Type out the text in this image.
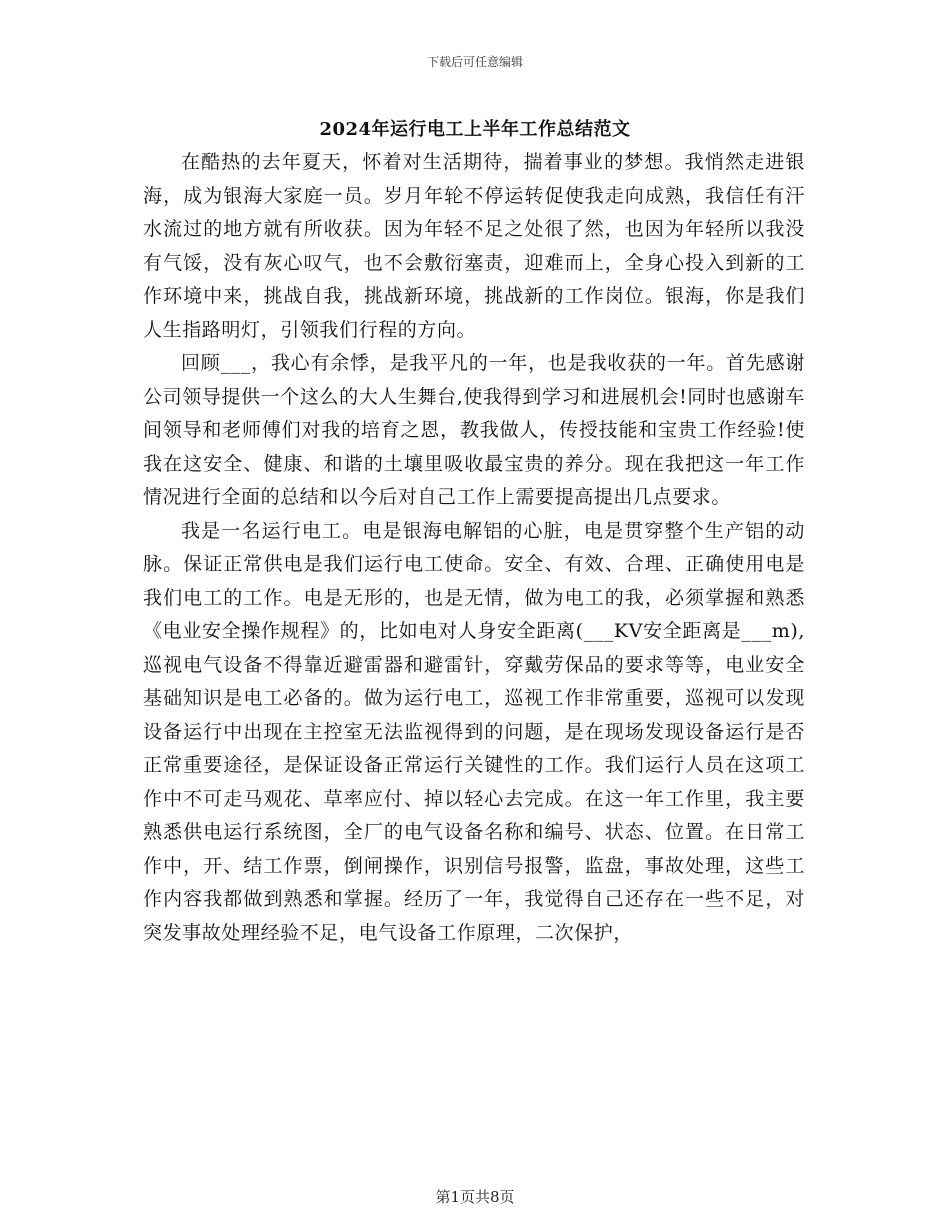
下载后可任意编辑
2024年运行电工上半年工作总结范文

在酷热的去年夏天，怀着对生活期待，揣着事业的梦想。我悄然走进银海，成为银海大家庭一员。岁月年轮不停运转促使我走向成熟，我信任有汗水流过的地方就有所收获。因为年轻不足之处很了然，也因为年轻所以我没有气馁，没有灰心叹气，也不会敷衍塞责，迎难而上，全身心投入到新的工作环境中来，挑战自我，挑战新环境，挑战新的工作岗位。银海，你是我们人生指路明灯，引领我们行程的方向。

回顾___，我心有余悸，是我平凡的一年，也是我收获的一年。首先感谢公司领导提供一个这么的大人生舞台,使我得到学习和进展机会!同时也感谢车间领导和老师傅们对我的培育之恩，教我做人，传授技能和宝贵工作经验!使我在这安全、健康、和谐的土壤里吸收最宝贵的养分。现在我把这一年工作情况进行全面的总结和以今后对自己工作上需要提高提出几点要求。

我是一名运行电工。电是银海电解铝的心脏，电是贯穿整个生产铝的动脉。保证正常供电是我们运行电工使命。安全、有效、合理、正确使用电是我们电工的工作。电是无形的，也是无情，做为电工的我，必须掌握和熟悉《电业安全操作规程》的，比如电对人身安全距离(___KV安全距离是___m),巡视电气设备不得靠近避雷器和避雷针，穿戴劳保品的要求等等，电业安全基础知识是电工必备的。做为运行电工，巡视工作非常重要，巡视可以发现设备运行中出现在主控室无法监视得到的问题，是在现场发现设备运行是否正常重要途径，是保证设备正常运行关键性的工作。我们运行人员在这项工作中不可走马观花、草率应付、掉以轻心去完成。在这一年工作里，我主要熟悉供电运行系统图，全厂的电气设备名称和编号、状态、位置。在日常工作中，开、结工作票，倒闸操作，识别信号报警，监盘，事故处理，这些工作内容我都做到熟悉和掌握。经历了一年，我觉得自己还存在一些不足，对突发事故处理经验不足，电气设备工作原理，二次保护，

第1页共8页
